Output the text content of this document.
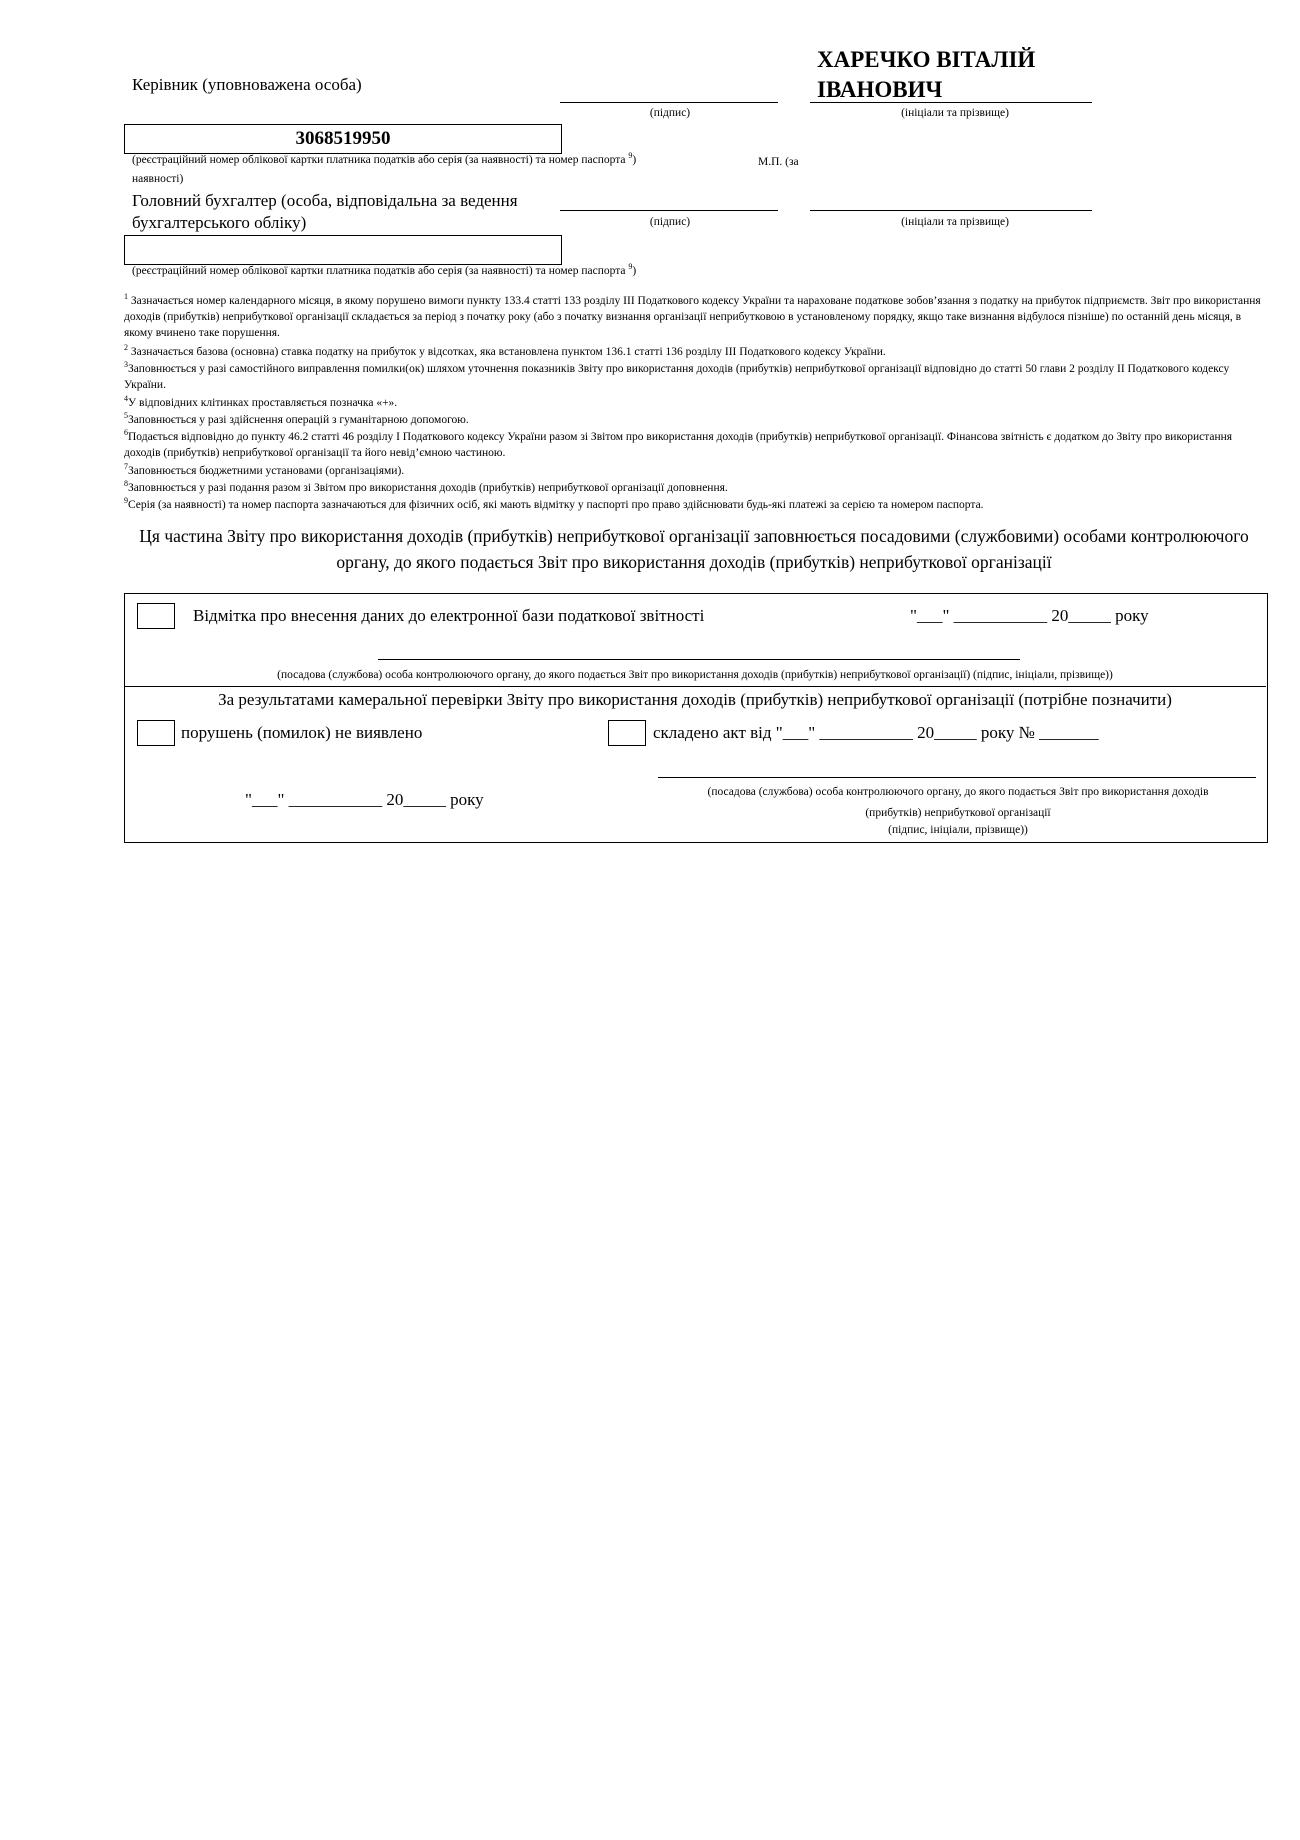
Керівник (уповноважена особа)
ХАРЕЧКО ВІТАЛІЙ
ІВАНОВИЧ
(підпис)	(ініціали та прізвище)
3068519950
(реєстраційний номер облікової картки платника податків або серія (за наявності) та номер паспорта $^9$)	М.П. (за
наявності)
Головний бухгалтер (особа, відповідальна за ведення
бухгалтерського обліку)	(підпис)	(ініціали та прізвище)
(реєстраційний номер облікової картки платника податків або серія (за наявності) та номер паспорта $^9$)
$^1$ Зазначається номер календарного місяця, в якому порушено вимоги пункту 133.4 статті 133 розділу ІІІ Податкового кодексу України та нараховане податкове зобов’язання з податку на прибуток підприємств. Звіт про використання доходів (прибутків) неприбуткової організації складається за період з початку року (або з початку визнання організації неприбутковою в установленому порядку, якщо таке визнання відбулося пізніше) по останній день місяця, в якому вчинено таке порушення.
$^2$ Зазначається базова (основна) ставка податку на прибуток у відсотках, яка встановлена пунктом 136.1 статті 136 розділу ІІІ Податкового кодексу України.
$^3$Заповнюється у разі самостійного виправлення помилки(ок) шляхом уточнення показників Звіту про використання доходів (прибутків) неприбуткової організації відповідно до статті 50 глави 2 розділу ІІ Податкового кодексу України.
$^4$У відповідних клітинках проставляється позначка «+».
$^5$Заповнюється у разі здійснення операцій з гуманітарною допомогою.
$^6$Подається відповідно до пункту 46.2 статті 46 розділу І Податкового кодексу України разом зі Звітом про використання доходів (прибутків) неприбуткової організації. Фінансова звітність є додатком до Звіту про використання доходів (прибутків) неприбуткової організації та його невід’ємною частиною.
$^7$Заповнюється бюджетними установами (організаціями).
$^8$Заповнюється у разі подання разом зі Звітом про використання доходів (прибутків) неприбуткової організації доповнення.
$^9$Серія (за наявності) та номер паспорта зазначаються для фізичних осіб, які мають відмітку у паспорті про право здійснювати будь-які платежі за серією та номером паспорта.
Ця частина Звіту про використання доходів (прибутків) неприбуткової організації заповнюється посадовими (службовими) особами контролюючого
органу, до якого подається Звіт про використання доходів (прибутків) неприбуткової організації
Відмітка про внесення даних до електронної бази податкової звітності	"___" ___________ 20_____ року
(посадова (службова) особа контролюючого органу, до якого подається Звіт про використання доходів (прибутків) неприбуткової організації) (підпис, ініціали, прізвище))
За результатами камеральної перевірки Звіту про використання доходів (прибутків) неприбуткової організації (потрібне позначити)
порушень (помилок) не виявлено	складено акт від "___" ___________ 20_____ року № _______
"___" ___________ 20_____ року	(посадова (службова) особа контролюючого органу, до якого подається Звіт про використання доходів
(прибутків) неприбуткової організації
(підпис, ініціали, прізвище))
